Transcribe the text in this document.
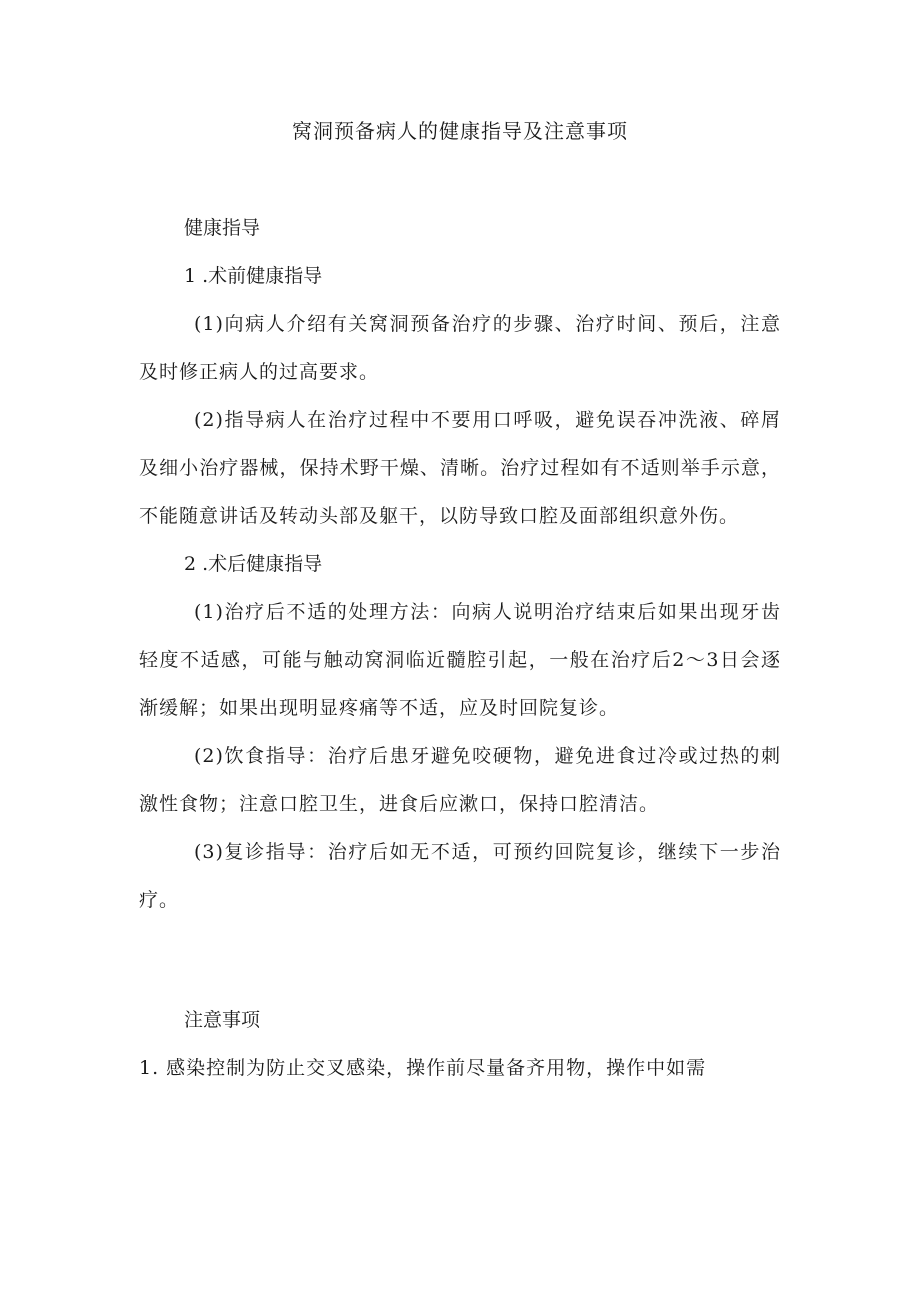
窝洞预备病人的健康指导及注意事项

健康指导

1 .术前健康指导

(1)向病人介绍有关窝洞预备治疗的步骤、治疗时间、预后，注意及时修正病人的过高要求。

(2)指导病人在治疗过程中不要用口呼吸，避免误吞冲洗液、碎屑及细小治疗器械，保持术野干燥、清晰。治疗过程如有不适则举手示意，不能随意讲话及转动头部及躯干，以防导致口腔及面部组织意外伤。

2 .术后健康指导

(1)治疗后不适的处理方法：向病人说明治疗结束后如果出现牙齿轻度不适感，可能与触动窝洞临近髓腔引起，一般在治疗后2～3日会逐渐缓解；如果出现明显疼痛等不适，应及时回院复诊。

(2)饮食指导：治疗后患牙避免咬硬物，避免进食过冷或过热的刺激性食物；注意口腔卫生，进食后应漱口，保持口腔清洁。

(3)复诊指导：治疗后如无不适，可预约回院复诊，继续下一步治疗。

注意事项

1. 感染控制为防止交叉感染，操作前尽量备齐用物，操作中如需
